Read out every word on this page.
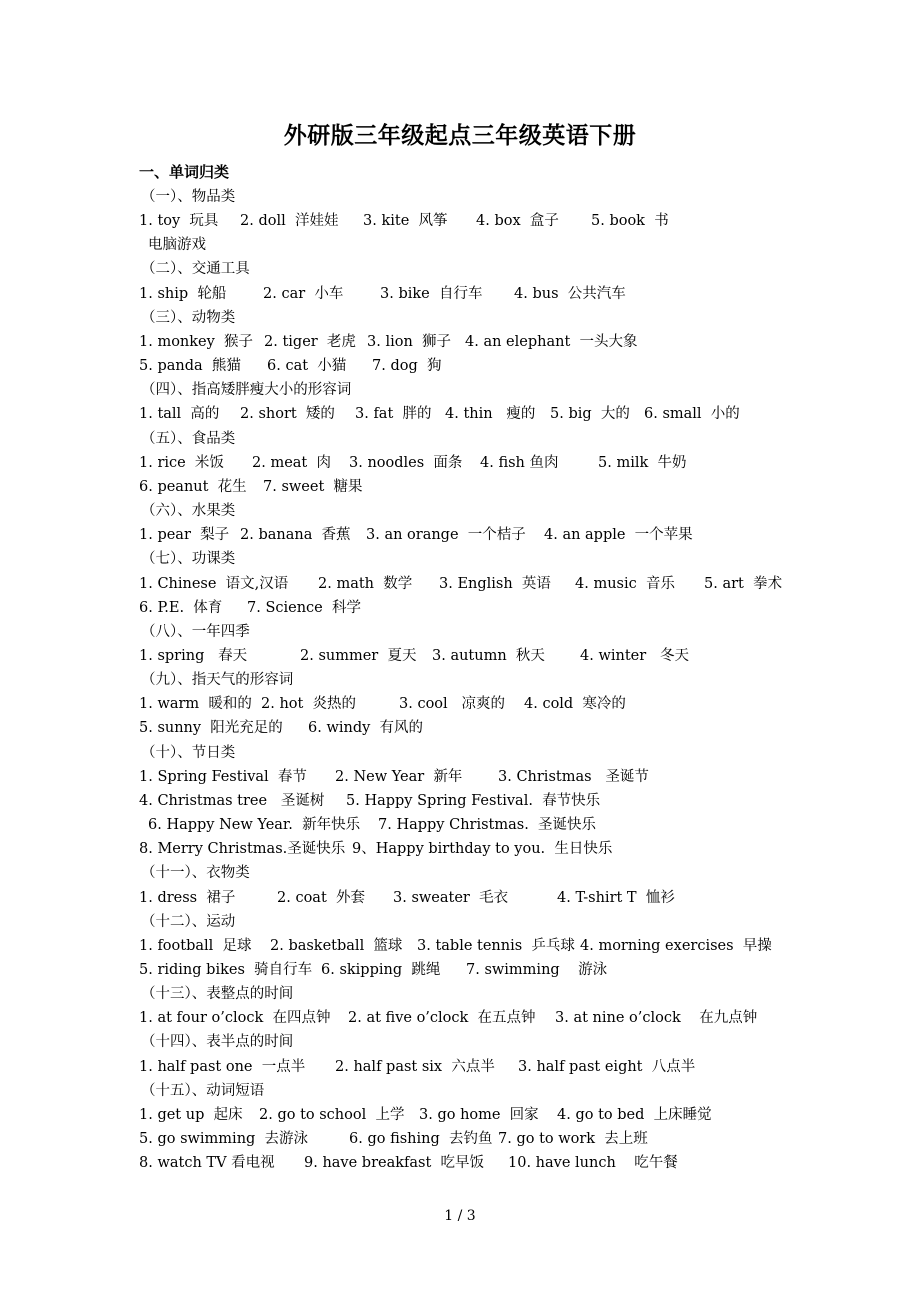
外研版三年级起点三年级英语下册
一、单词归类
（一）、物品类
1. toy  玩具 2. doll  洋娃娃 3. kite  风筝 4. box  盒子 5. book  书
电脑游戏
（二）、交通工具
1. ship  轮船	2. car  小车	3. bike  自行车 4. bus  公共汽车
（三）、动物类
1. monkey  猴子 2. tiger  老虎 3. lion  狮子 4. an elephant  一头大象
5. panda  熊猫 6. cat  小猫 7. dog  狗
（四）、指高矮胖瘦大小的形容词
1. tall  高的 2. short  矮的 3. fat  胖的 4. thin   瘦的 5. big  大的 6. small  小的
（五）、食品类
1. rice  米饭 2. meat  肉 3. noodles  面条 4. fish 鱼肉	5. milk  牛奶
6. peanut  花生 7. sweet  糖果
（六）、水果类
1. pear  梨子 2. banana  香蕉 3. an orange  一个桔子 4. an apple  一个苹果
（七）、功课类
1. Chinese  语文,汉语 2. math  数学 3. English  英语 4. music  音乐 5. art  拳术
6. P.E.  体育 7. Science  科学
（八）、一年四季
1. spring   春天	2. summer  夏天 3. autumn  秋天 4. winter   冬天
（九）、指天气的形容词
1. warm  暖和的 2. hot  炎热的	3. cool   凉爽的 4. cold  寒冷的
5. sunny  阳光充足的 6. windy  有风的
（十）、节日类
1. Spring Festival  春节 2. New Year  新年 3. Christmas   圣诞节
4. Christmas tree   圣诞树 5. Happy Spring Festival.  春节快乐
6. Happy New Year.  新年快乐 7. Happy Christmas.  圣诞快乐
8. Merry Christmas.圣诞快乐 9、Happy birthday to you.  生日快乐
（十一）、衣物类
1. dress  裙子	2. coat  外套 3. sweater  毛衣	4. T-shirt T  恤衫
（十二）、运动
1. football  足球 2. basketball  篮球 3. table tennis  乒乓球 4. morning exercises  早操
5. riding bikes  骑自行车 6. skipping  跳绳 7. swimming    游泳
（十三）、表整点的时间
1. at four o’clock  在四点钟 2. at five o’clock  在五点钟 3. at nine o’clock    在九点钟
（十四）、表半点的时间
1. half past one  一点半 2. half past six  六点半 3. half past eight  八点半
（十五）、动词短语
1. get up  起床 2. go to school  上学 3. go home  回家 4. go to bed  上床睡觉
5. go swimming  去游泳	6. go fishing  去钓鱼 7. go to work  去上班
8. watch TV 看电视 9. have breakfast  吃早饭 10. have lunch    吃午餐
1 / 3
